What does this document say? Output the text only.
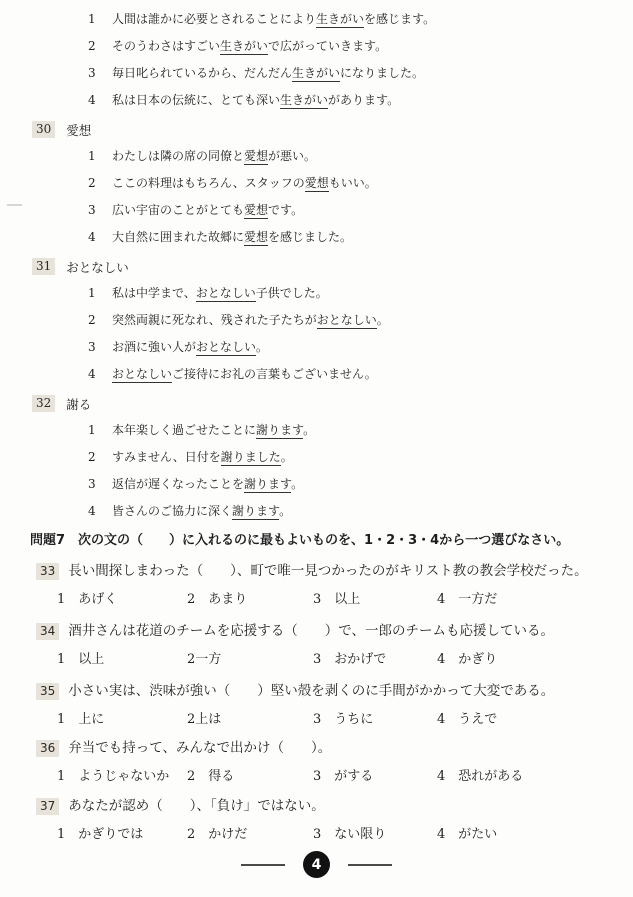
1	人間は誰かに必要とされることにより生きがいを感じます。
2	そのうわさはすごい生きがいで広がっていきます。
3	毎日叱られているから、だんだん生きがいになりました。
4	私は日本の伝統に、とても深い生きがいがあります。
30	愛想
1	わたしは隣の席の同僚と愛想が悪い。
2	ここの料理はもちろん、スタッフの愛想もいい。
3	広い宇宙のことがとても愛想です。
4	大自然に囲まれた故郷に愛想を感じました。
31	おとなしい
1	私は中学まで、おとなしい子供でした。
2	突然両親に死なれ、残された子たちがおとなしい。
3	お酒に強い人がおとなしい。
4	おとなしいご接待にお礼の言葉もございません。
32	謝る
1	本年楽しく過ごせたことに謝ります。
2	すみません、日付を謝りました。
3	返信が遅くなったことを謝ります。
4	皆さんのご協力に深く謝ります。
問題7　次の文の（　　）に入れるのに最もよいものを、1・2・3・4から一つ選びなさい。
33 長い間探しまわった（　　）、町で唯一見つかったのがキリスト教の教会学校だった。
1　あげく	2　あまり	3　以上	4　一方だ
34 酒井さんは花道のチームを応援する（　　）で、一郎のチームも応援している。
1　以上	2一方	3　おかげで	4　かぎり
35 小さい実は、渋味が強い（　　）堅い殻を剥くのに手間がかかって大変である。
1　上に	2上は	3　うちに	4　うえで
36 弁当でも持って、みんなで出かけ（　　）。
1　ようじゃないか	2　得る	3　がする	4　恐れがある
37 あなたが認め（　　）、「負け」ではない。
1　かぎりでは	2　かけだ	3　ない限り	4　がたい
4
